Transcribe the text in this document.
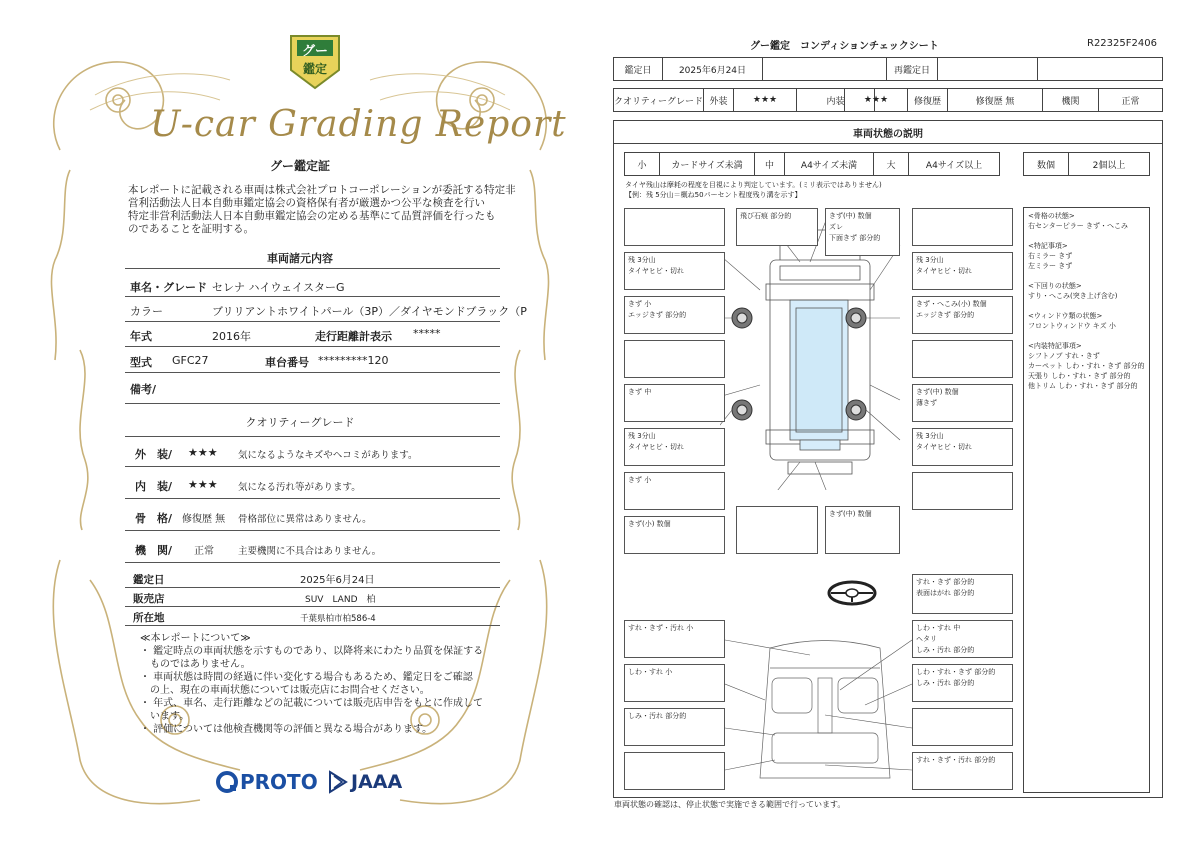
グー
鑑定
U-car Grading Report
グー鑑定証
本レポートに記載される車両は株式会社プロトコーポレーションが委託する特定非
営利活動法人日本自動車鑑定協会の資格保有者が厳選かつ公平な検査を行い
特定非営利活動法人日本自動車鑑定協会の定める基準にて品質評価を行ったも
のであることを証明する。
車両諸元内容
車名・グレード セレナ ハイウェイスターG
カラー	ブリリアントホワイトパール（3P）／ダイヤモンドブラック（P
年式	2016年	走行距離計表示 *****
型式 GFC27	車台番号 *********120
備考/
クオリティーグレード
外　装/ ★★★ 気になるようなキズやヘコミがあります。
内　装/ ★★★ 気になる汚れ等があります。
骨　格/ 修復歴 無 骨格部位に異常はありません。
機　関/ 正常	主要機関に不具合はありません。
鑑定日	2025年6月24日
販売店	SUV　LAND　柏
所在地	千葉県柏市柏586-4
≪本レポートについて≫
・ 鑑定時点の車両状態を示すものであり、以降将来にわたり品質を保証する
　ものではありません。
・ 車両状態は時間の経過に伴い変化する場合もあるため、鑑定日をご確認
　の上、現在の車両状態については販売店にお問合せください。
・ 年式、車名、走行距離などの記載については販売店申告をもとに作成して
　います。
・ 評価については他検査機関等の評価と異なる場合があります。
PROTO JAAA
グー鑑定　コンディションチェックシート	R22325F2406
鑑定日	2025年6月24日	再鑑定日
クオリティーグレード 外装	★★★	内装	★★★	修復歴	修復歴 無	機関	正常
車両状態の説明
小	カードサイズ未満	中	A4サイズ未満	大	A4サイズ以上	数個	2個以上
タイヤ残山は摩耗の程度を目視により判定しています。(ミリ表示ではありません)
【例：残 5分山＝概ね50パーセント程度残り溝を示す】
飛び石痕 部分的	きず(中) 数個
ズレ
下面きず 部分的
残 3分山
タイヤヒビ・切れ
残 3分山
タイヤヒビ・切れ
きず 小
エッジきず 部分的
きず・へこみ(小) 数個
エッジきず 部分的
きず 中	きず(中) 数個
薄きず
残 3分山
タイヤヒビ・切れ
残 3分山
タイヤヒビ・切れ
きず 小
きず(小) 数個
きず(中) 数個
<骨格の状態>
右センターピラー きず・へこみ
<特記事項>
右ミラー きず
左ミラー きず
<下回りの状態>
すり・へこみ(突き上げ含む)
<ウィンドウ類の状態>
フロントウィンドウ キズ 小
<内装特記事項>
シフトノブ すれ・きず
カーペット しわ・すれ・きず 部分的
天張り しわ・すれ・きず 部分的
他トリム しわ・すれ・きず 部分的
すれ・きず 部分的
表面はがれ 部分的
すれ・きず・汚れ 小	しわ・すれ 中
ヘタリ
しみ・汚れ 部分的
しわ・すれ 小	しわ・すれ・きず 部分的
しみ・汚れ 部分的
しみ・汚れ 部分的
すれ・きず・汚れ 部分的
車両状態の確認は、停止状態で実施できる範囲で行っています。
